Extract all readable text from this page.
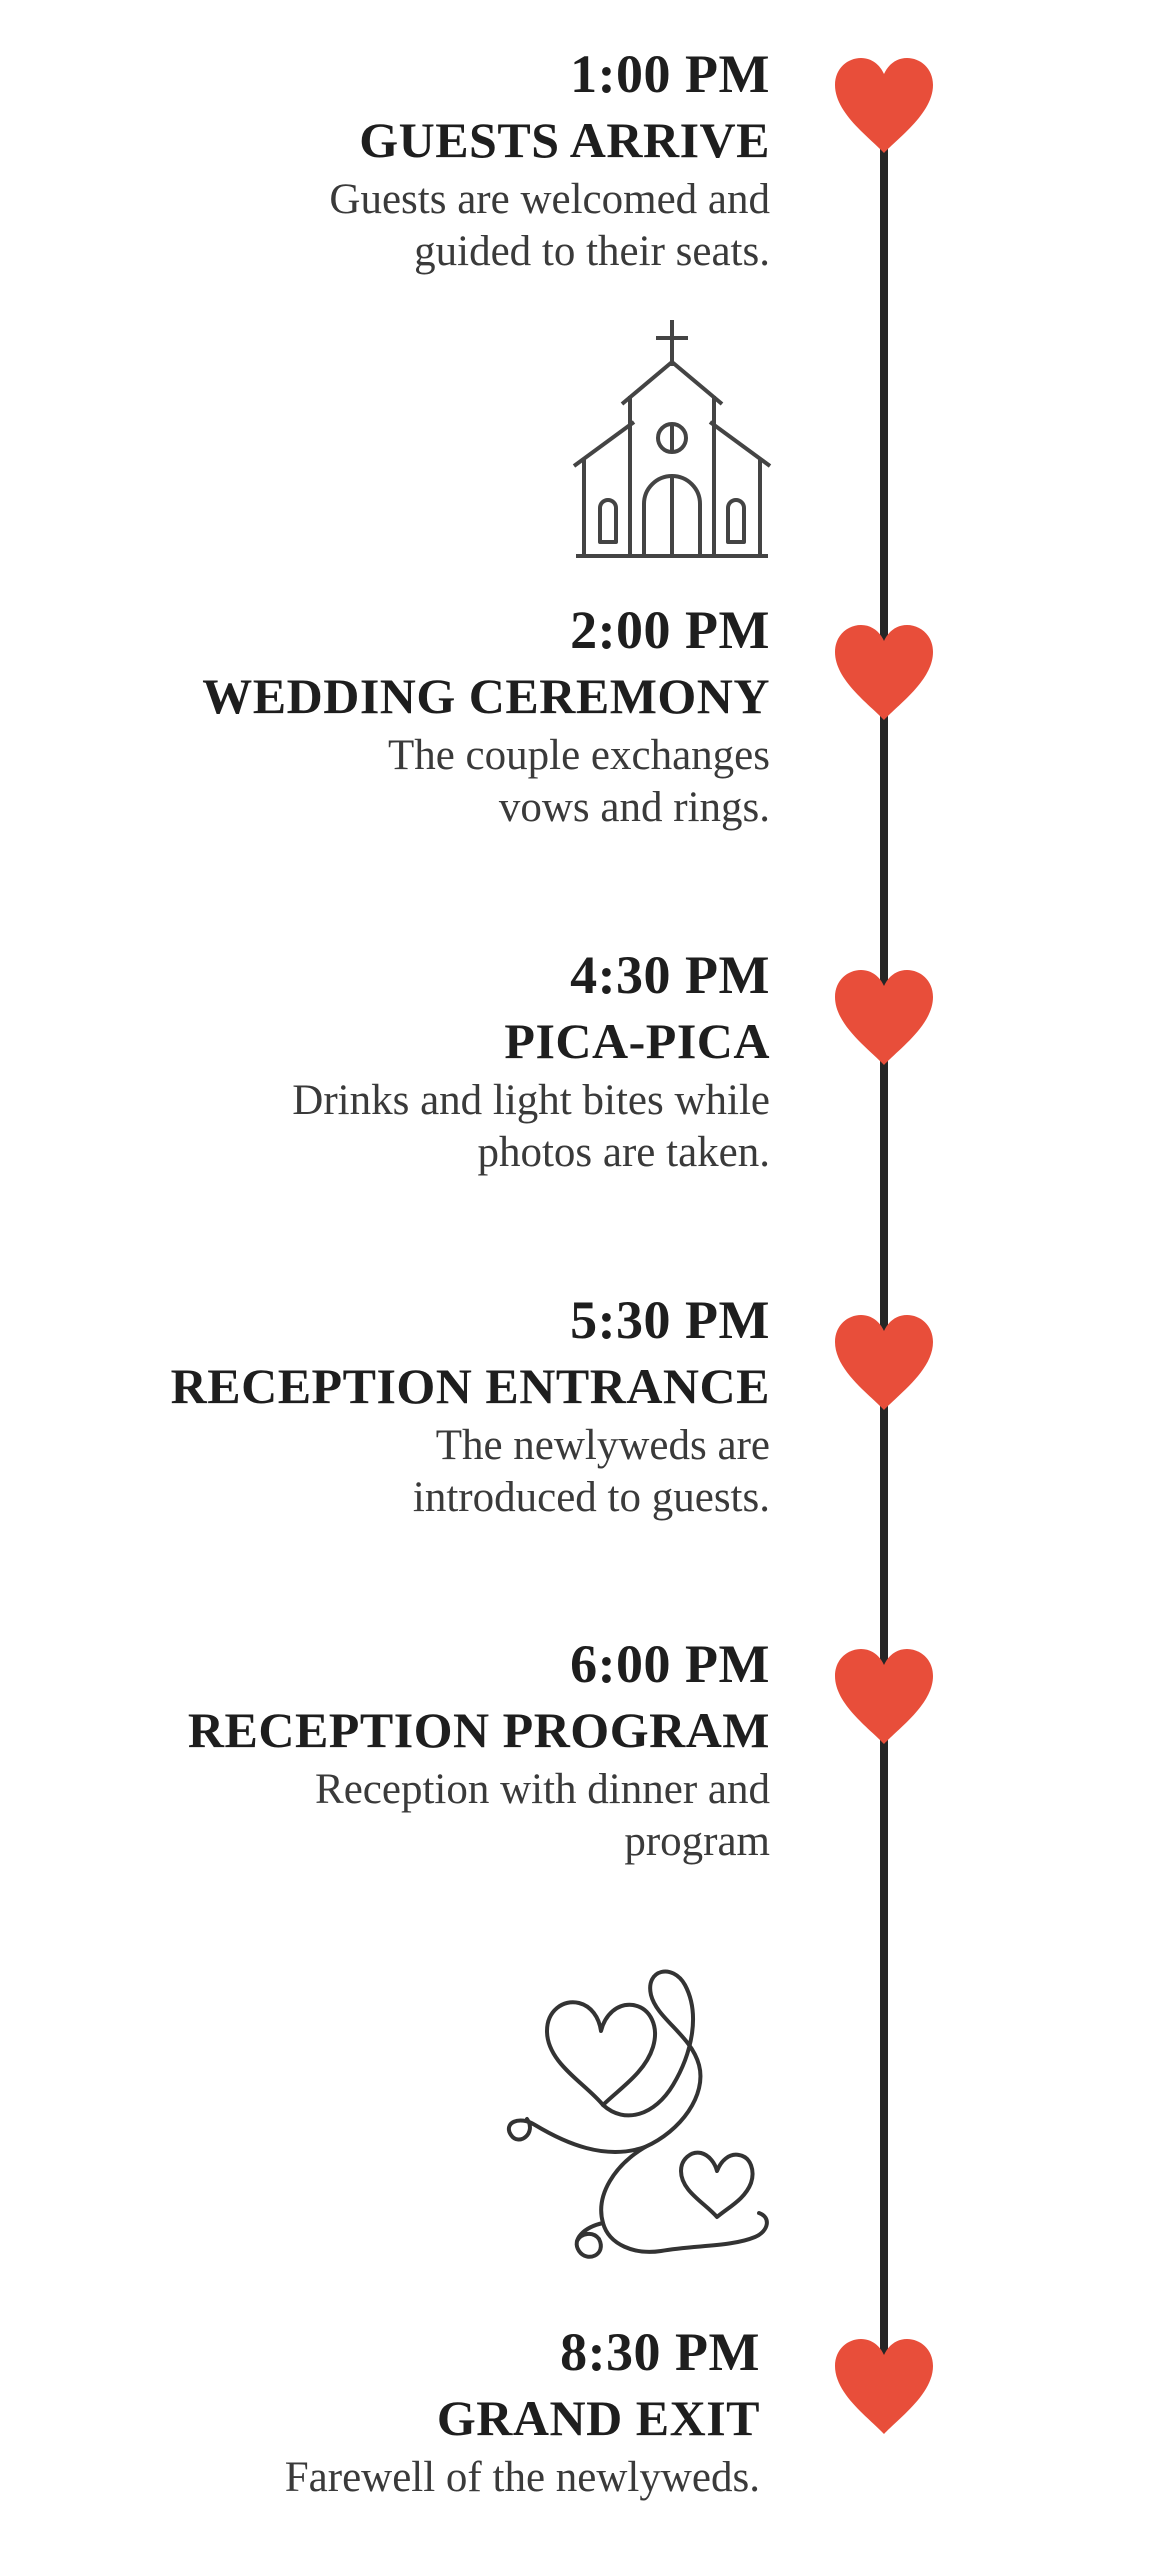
1:00 PM
GUESTS ARRIVE
Guests are welcomed and
guided to their seats.
2:00 PM
WEDDING CEREMONY
The couple exchanges
vows and rings.
4:30 PM
PICA-PICA
Drinks and light bites while
photos are taken.
5:30 PM
RECEPTION ENTRANCE
The newlyweds are
introduced to guests.
6:00 PM
RECEPTION PROGRAM
Reception with dinner and
program
8:30 PM
GRAND EXIT
Farewell of the newlyweds.
